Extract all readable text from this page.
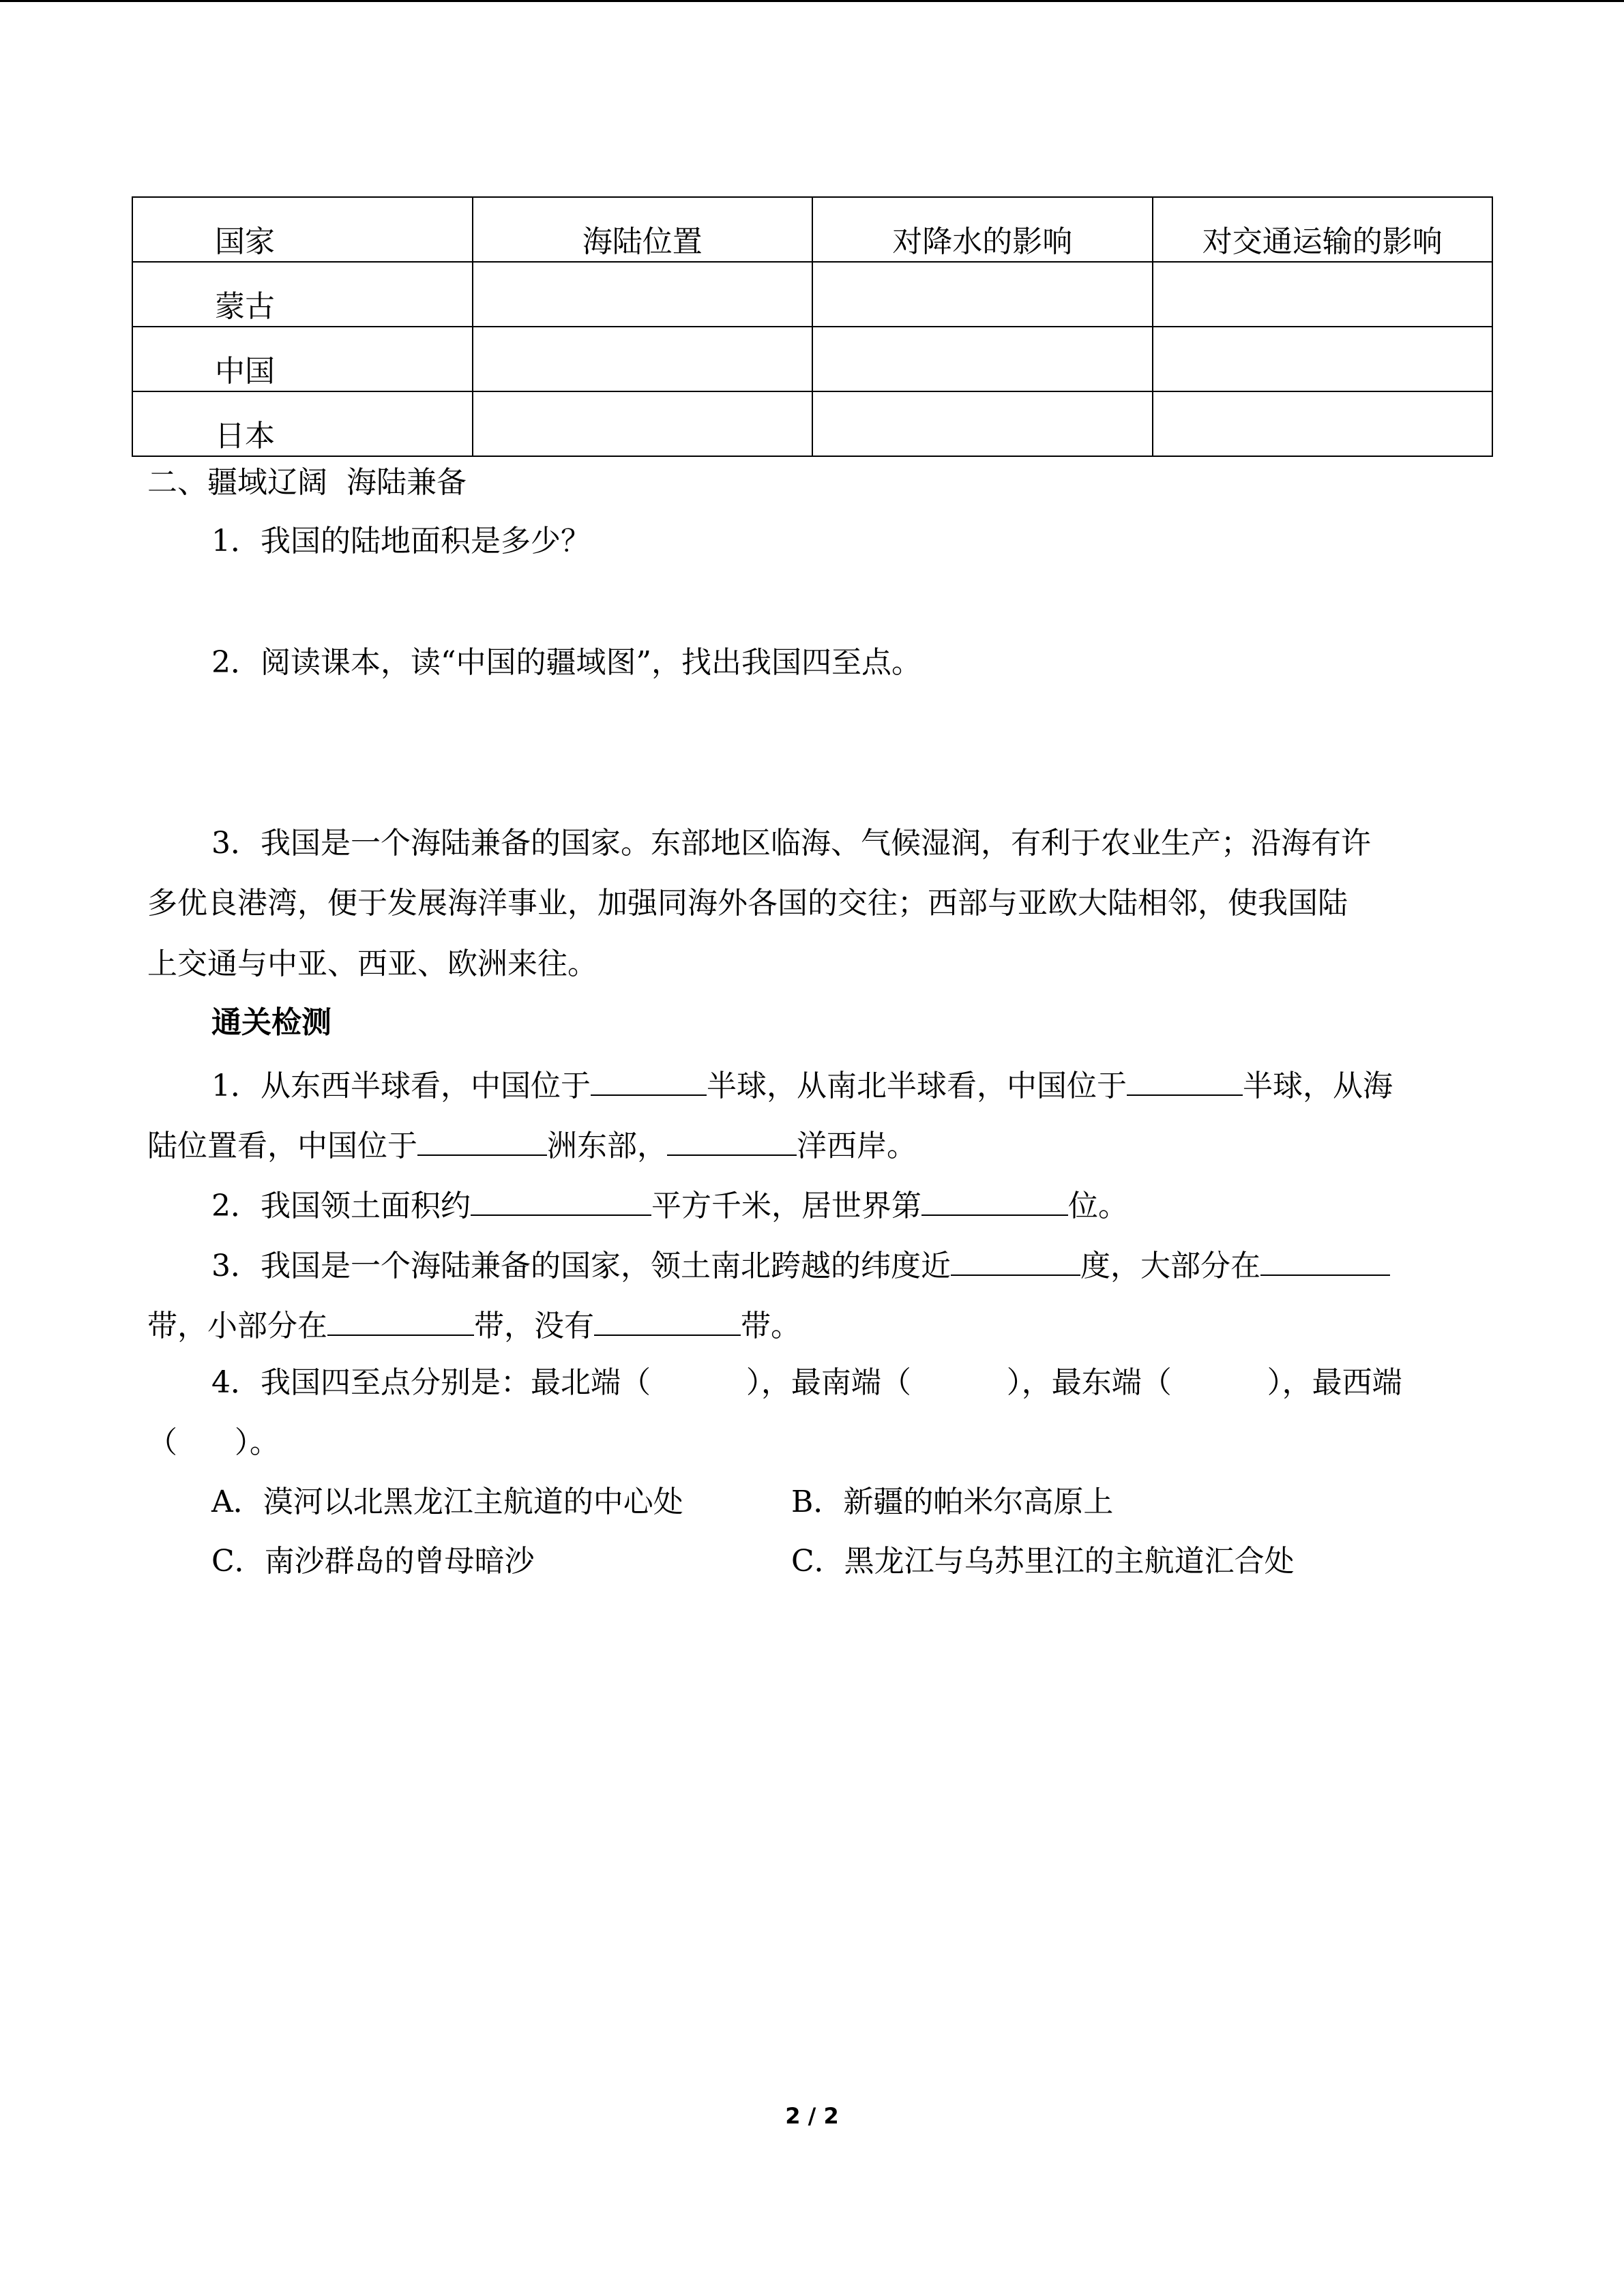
国家	海陆位置	对降水的影响	对交通运输的影响
蒙古			
中国			
日本			
二、疆域辽阔  海陆兼备
1．我国的陆地面积是多少？
2．阅读课本，读“中国的疆域图”，找出我国四至点。
3．我国是一个海陆兼备的国家。东部地区临海、气候湿润，有利于农业生产；沿海有许
多优良港湾，便于发展海洋事业，加强同海外各国的交往；西部与亚欧大陆相邻，使我国陆
上交通与中亚、西亚、欧洲来往。
通关检测
1．从东西半球看，中国位于	半球，从南北半球看，中国位于	半球，从海
陆位置看，中国位于	洲东部，	洋西岸。
2．我国领土面积约	平方千米，居世界第	位。
3．我国是一个海陆兼备的国家，领土南北跨越的纬度近	度，大部分在
带，小部分在	带，没有	带。
4．我国四至点分别是：最北端（          ），最南端（          ），最东端（          ），最西端
（      ）。
A．漠河以北黑龙江主航道的中心处	B．新疆的帕米尔高原上
C．南沙群岛的曾母暗沙	C．黑龙江与乌苏里江的主航道汇合处
2 / 2
